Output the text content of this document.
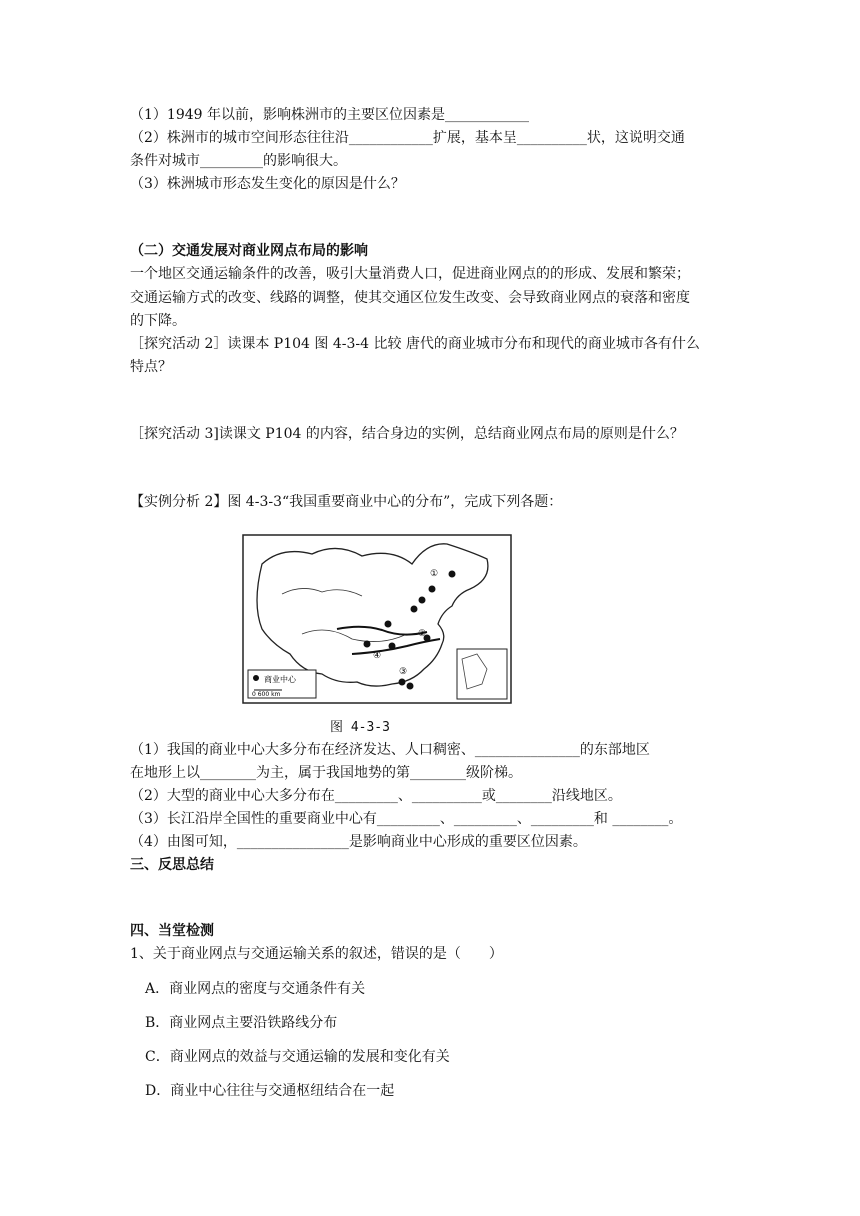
（1）1949 年以前，影响株洲市的主要区位因素是____________
（2）株洲市的城市空间形态往往沿____________扩展，基本呈__________状，这说明交通
条件对城市_________的影响很大。
（3）株洲城市形态发生变化的原因是什么？
（二）交通发展对商业网点布局的影响
一个地区交通运输条件的改善，吸引大量消费人口，促进商业网点的的形成、发展和繁荣；
交通运输方式的改变、线路的调整，使其交通区位发生改变、会导致商业网点的衰落和密度
的下降。
［探究活动 2］读课本 P104 图 4-3-4 比较 唐代的商业城市分布和现代的商业城市各有什么
特点？
［探究活动 3]读课文 P104 的内容，结合身边的实例，总结商业网点布局的原则是什么？
【实例分析 2】图 4-3-3“我国重要商业中心的分布”，完成下列各题：
商业中心
0 600 km
①
②
③
④
图 4-3-3
（1）我国的商业中心大多分布在经济发达、人口稠密、_______________的东部地区
在地形上以________为主，属于我国地势的第________级阶梯。
（2）大型的商业中心大多分布在_________、__________或________沿线地区。
（3）长江沿岸全国性的重要商业中心有_________、_________、_________和 ________。
（4）由图可知，________________是影响商业中心形成的重要区位因素。
三、反思总结
四、当堂检测
1、关于商业网点与交通运输关系的叙述，错误的是（　　）
A．商业网点的密度与交通条件有关
B．商业网点主要沿铁路线分布
C．商业网点的效益与交通运输的发展和变化有关
D．商业中心往往与交通枢纽结合在一起
